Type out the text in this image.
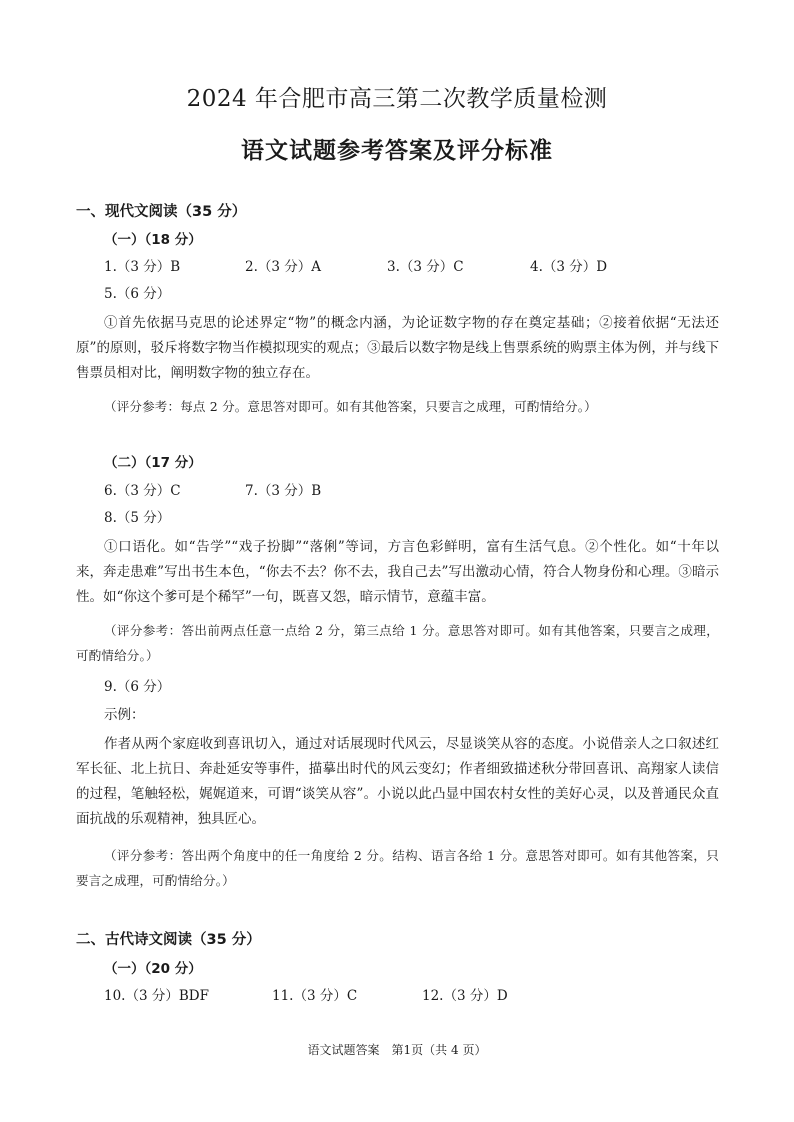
2024 年合肥市高三第二次教学质量检测
语文试题参考答案及评分标准
一、现代文阅读（35 分）
（一）（18 分）
1.（3 分）B	2.（3 分）A	3.（3 分）C	4.（3 分）D
5.（6 分）
①首先依据马克思的论述界定“物”的概念内涵，为论证数字物的存在奠定基础；②接着依据“无法还原”的原则，驳斥将数字物当作模拟现实的观点；③最后以数字物是线上售票系统的购票主体为例，并与线下售票员相对比，阐明数字物的独立存在。
（评分参考：每点 2 分。意思答对即可。如有其他答案，只要言之成理，可酌情给分。）
（二）（17 分）
6.（3 分）C	7.（3 分）B
8.（5 分）
①口语化。如“告学”“戏子扮脚”“落俐”等词，方言色彩鲜明，富有生活气息。②个性化。如“十年以来，奔走患难”写出书生本色，“你去不去？你不去，我自己去”写出激动心情，符合人物身份和心理。③暗示性。如“你这个爹可是个稀罕”一句，既喜又怨，暗示情节，意蕴丰富。
（评分参考：答出前两点任意一点给 2 分，第三点给 1 分。意思答对即可。如有其他答案，只要言之成理，可酌情给分。）
9.（6 分）
示例：
作者从两个家庭收到喜讯切入，通过对话展现时代风云，尽显谈笑从容的态度。小说借亲人之口叙述红军长征、北上抗日、奔赴延安等事件，描摹出时代的风云变幻；作者细致描述秋分带回喜讯、高翔家人读信的过程，笔触轻松，娓娓道来，可谓“谈笑从容”。小说以此凸显中国农村女性的美好心灵，以及普通民众直面抗战的乐观精神，独具匠心。
（评分参考：答出两个角度中的任一角度给 2 分。结构、语言各给 1 分。意思答对即可。如有其他答案，只要言之成理，可酌情给分。）
二、古代诗文阅读（35 分）
（一）（20 分）
10.（3 分）BDF	11.（3 分）C	12.（3 分）D
语文试题答案　第1页（共 4 页）
